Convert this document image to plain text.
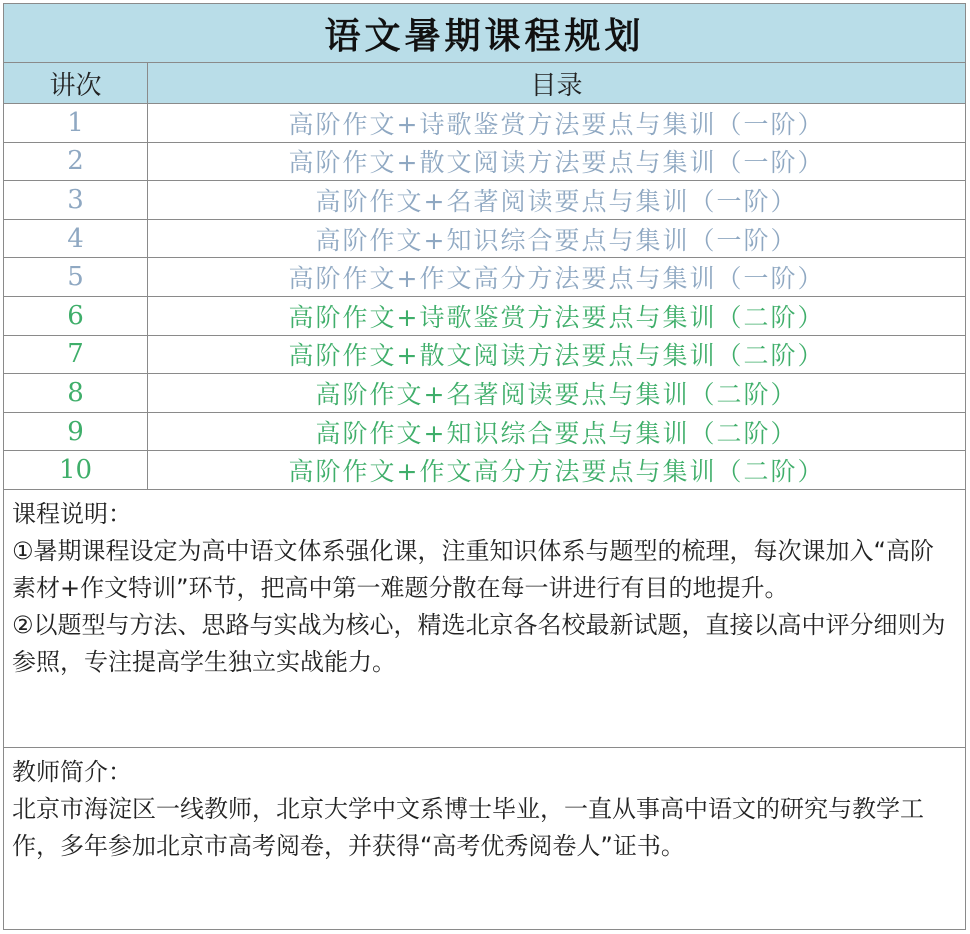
语文暑期课程规划
讲次	目录
1	高阶作文+诗歌鉴赏方法要点与集训（一阶）
2	高阶作文+散文阅读方法要点与集训（一阶）
3	高阶作文+名著阅读要点与集训（一阶）
4	高阶作文+知识综合要点与集训（一阶）
5	高阶作文+作文高分方法要点与集训（一阶）
6	高阶作文+诗歌鉴赏方法要点与集训（二阶）
7	高阶作文+散文阅读方法要点与集训（二阶）
8	高阶作文+名著阅读要点与集训（二阶）
9	高阶作文+知识综合要点与集训（二阶）
10	高阶作文+作文高分方法要点与集训（二阶）

课程说明：

①暑期课程设定为高中语文体系强化课，注重知识体系与题型的梳理，每次课加入“高阶素材+作文特训”环节，把高中第一难题分散在每一讲进行有目的地提升。

②以题型与方法、思路与实战为核心，精选北京各名校最新试题，直接以高中评分细则为参照，专注提高学生独立实战能力。

教师简介：

北京市海淀区一线教师，北京大学中文系博士毕业，一直从事高中语文的研究与教学工作，多年参加北京市高考阅卷，并获得“高考优秀阅卷人”证书。
